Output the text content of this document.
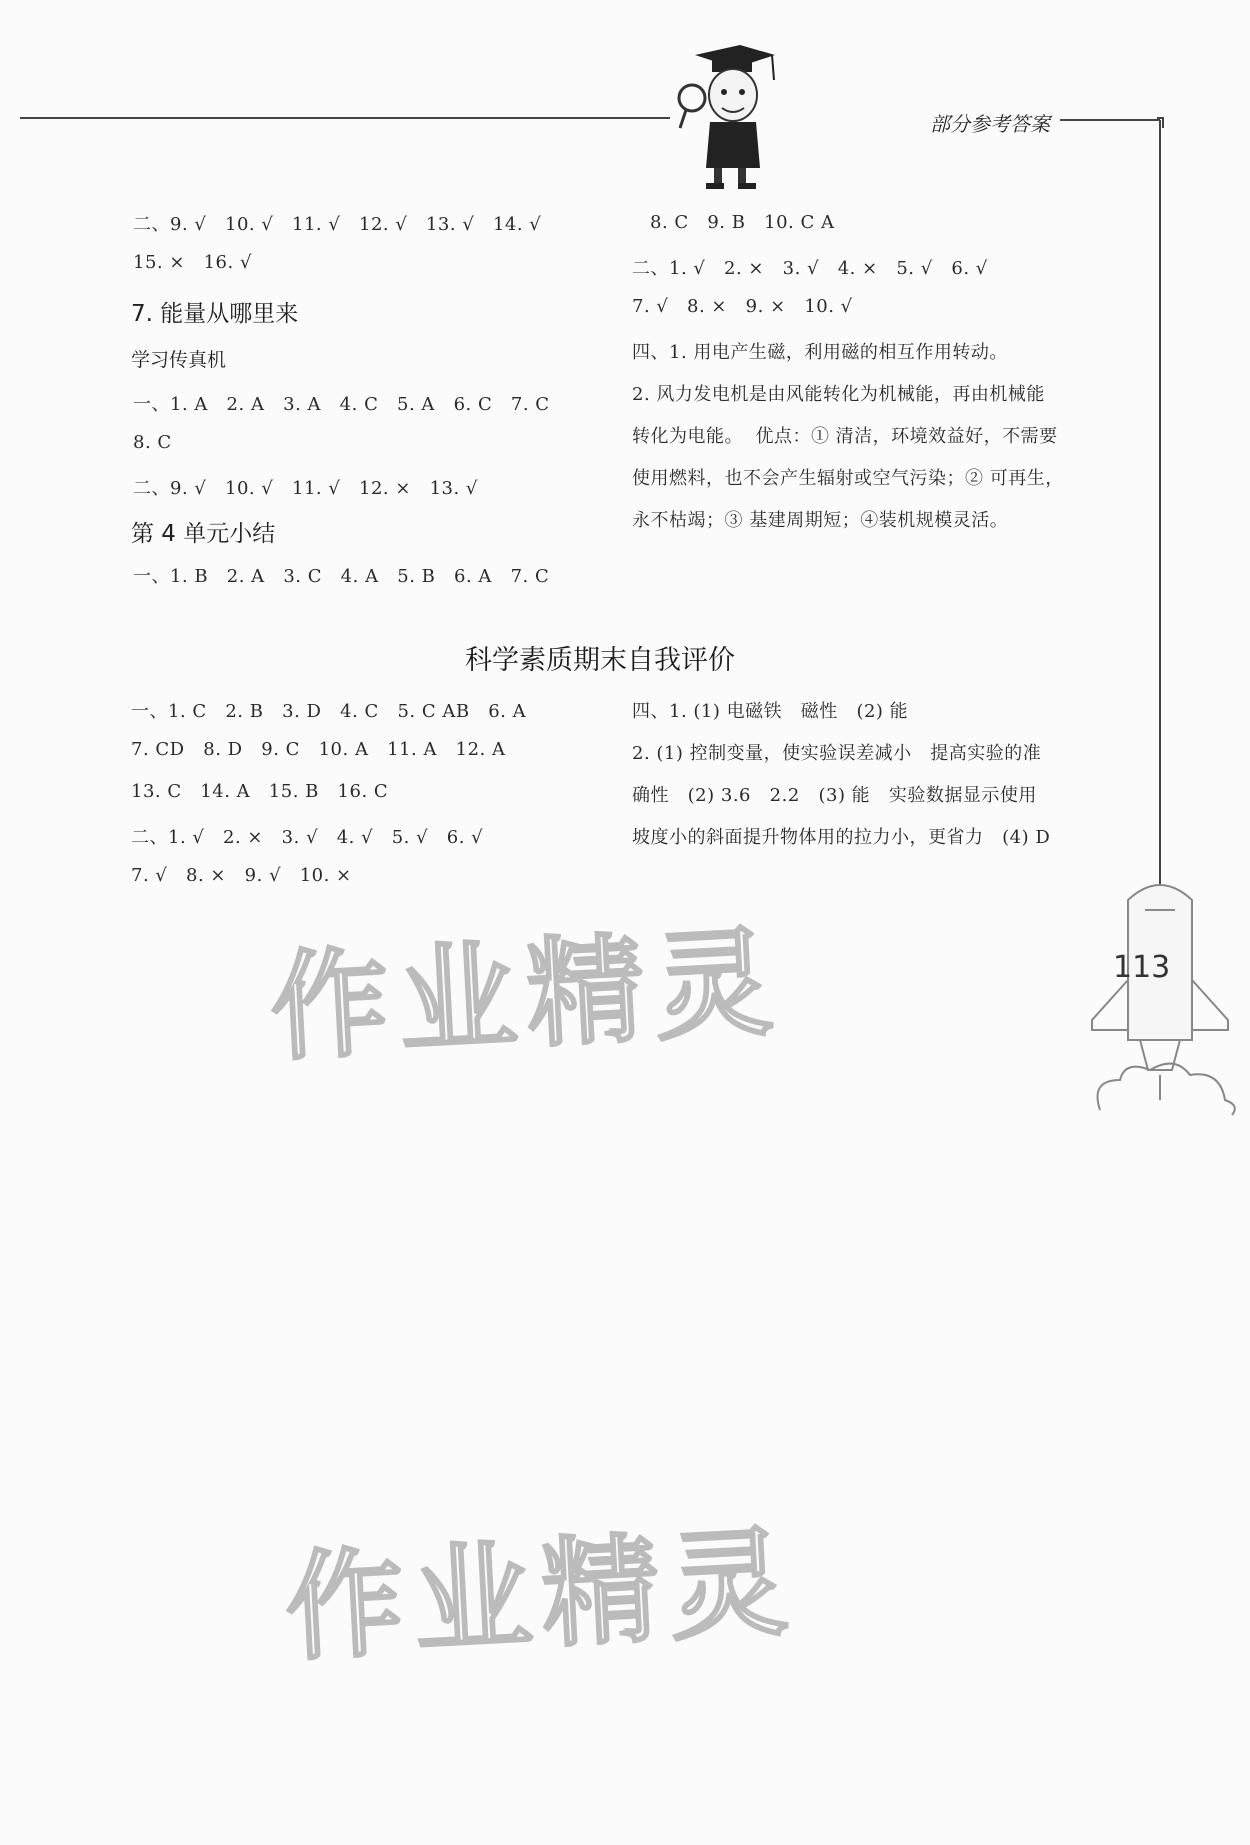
部分参考答案
二、9. √   10. √   11. √   12. √   13. √   14. √
15. ×   16. √
7. 能量从哪里来
学习传真机
一、1. A   2. A   3. A   4. C   5. A   6. C   7. C
8. C
二、9. √   10. √   11. √   12. ×   13. √
第 4 单元小结
一、1. B   2. A   3. C   4. A   5. B   6. A   7. C
8. C   9. B   10. C A
二、1. √   2. ×   3. √   4. ×   5. √   6. √
7. √   8. ×   9. ×   10. √
四、1. 用电产生磁，利用磁的相互作用转动。
2. 风力发电机是由风能转化为机械能，再由机械能
转化为电能。  优点：① 清洁，环境效益好，不需要
使用燃料，也不会产生辐射或空气污染；② 可再生，
永不枯竭；③ 基建周期短；④装机规模灵活。
科学素质期末自我评价
一、1. C   2. B   3. D   4. C   5. C AB   6. A
7. CD   8. D   9. C   10. A   11. A   12. A
13. C   14. A   15. B   16. C
二、1. √   2. ×   3. √   4. √   5. √   6. √
7. √   8. ×   9. √   10. ×
四、1. (1) 电磁铁   磁性   (2) 能
2. (1) 控制变量，使实验误差减小   提高实验的准
确性   (2) 3.6   2.2   (3) 能   实验数据显示使用
坡度小的斜面提升物体用的拉力小，更省力   (4) D
113
作业精灵
作业精灵
